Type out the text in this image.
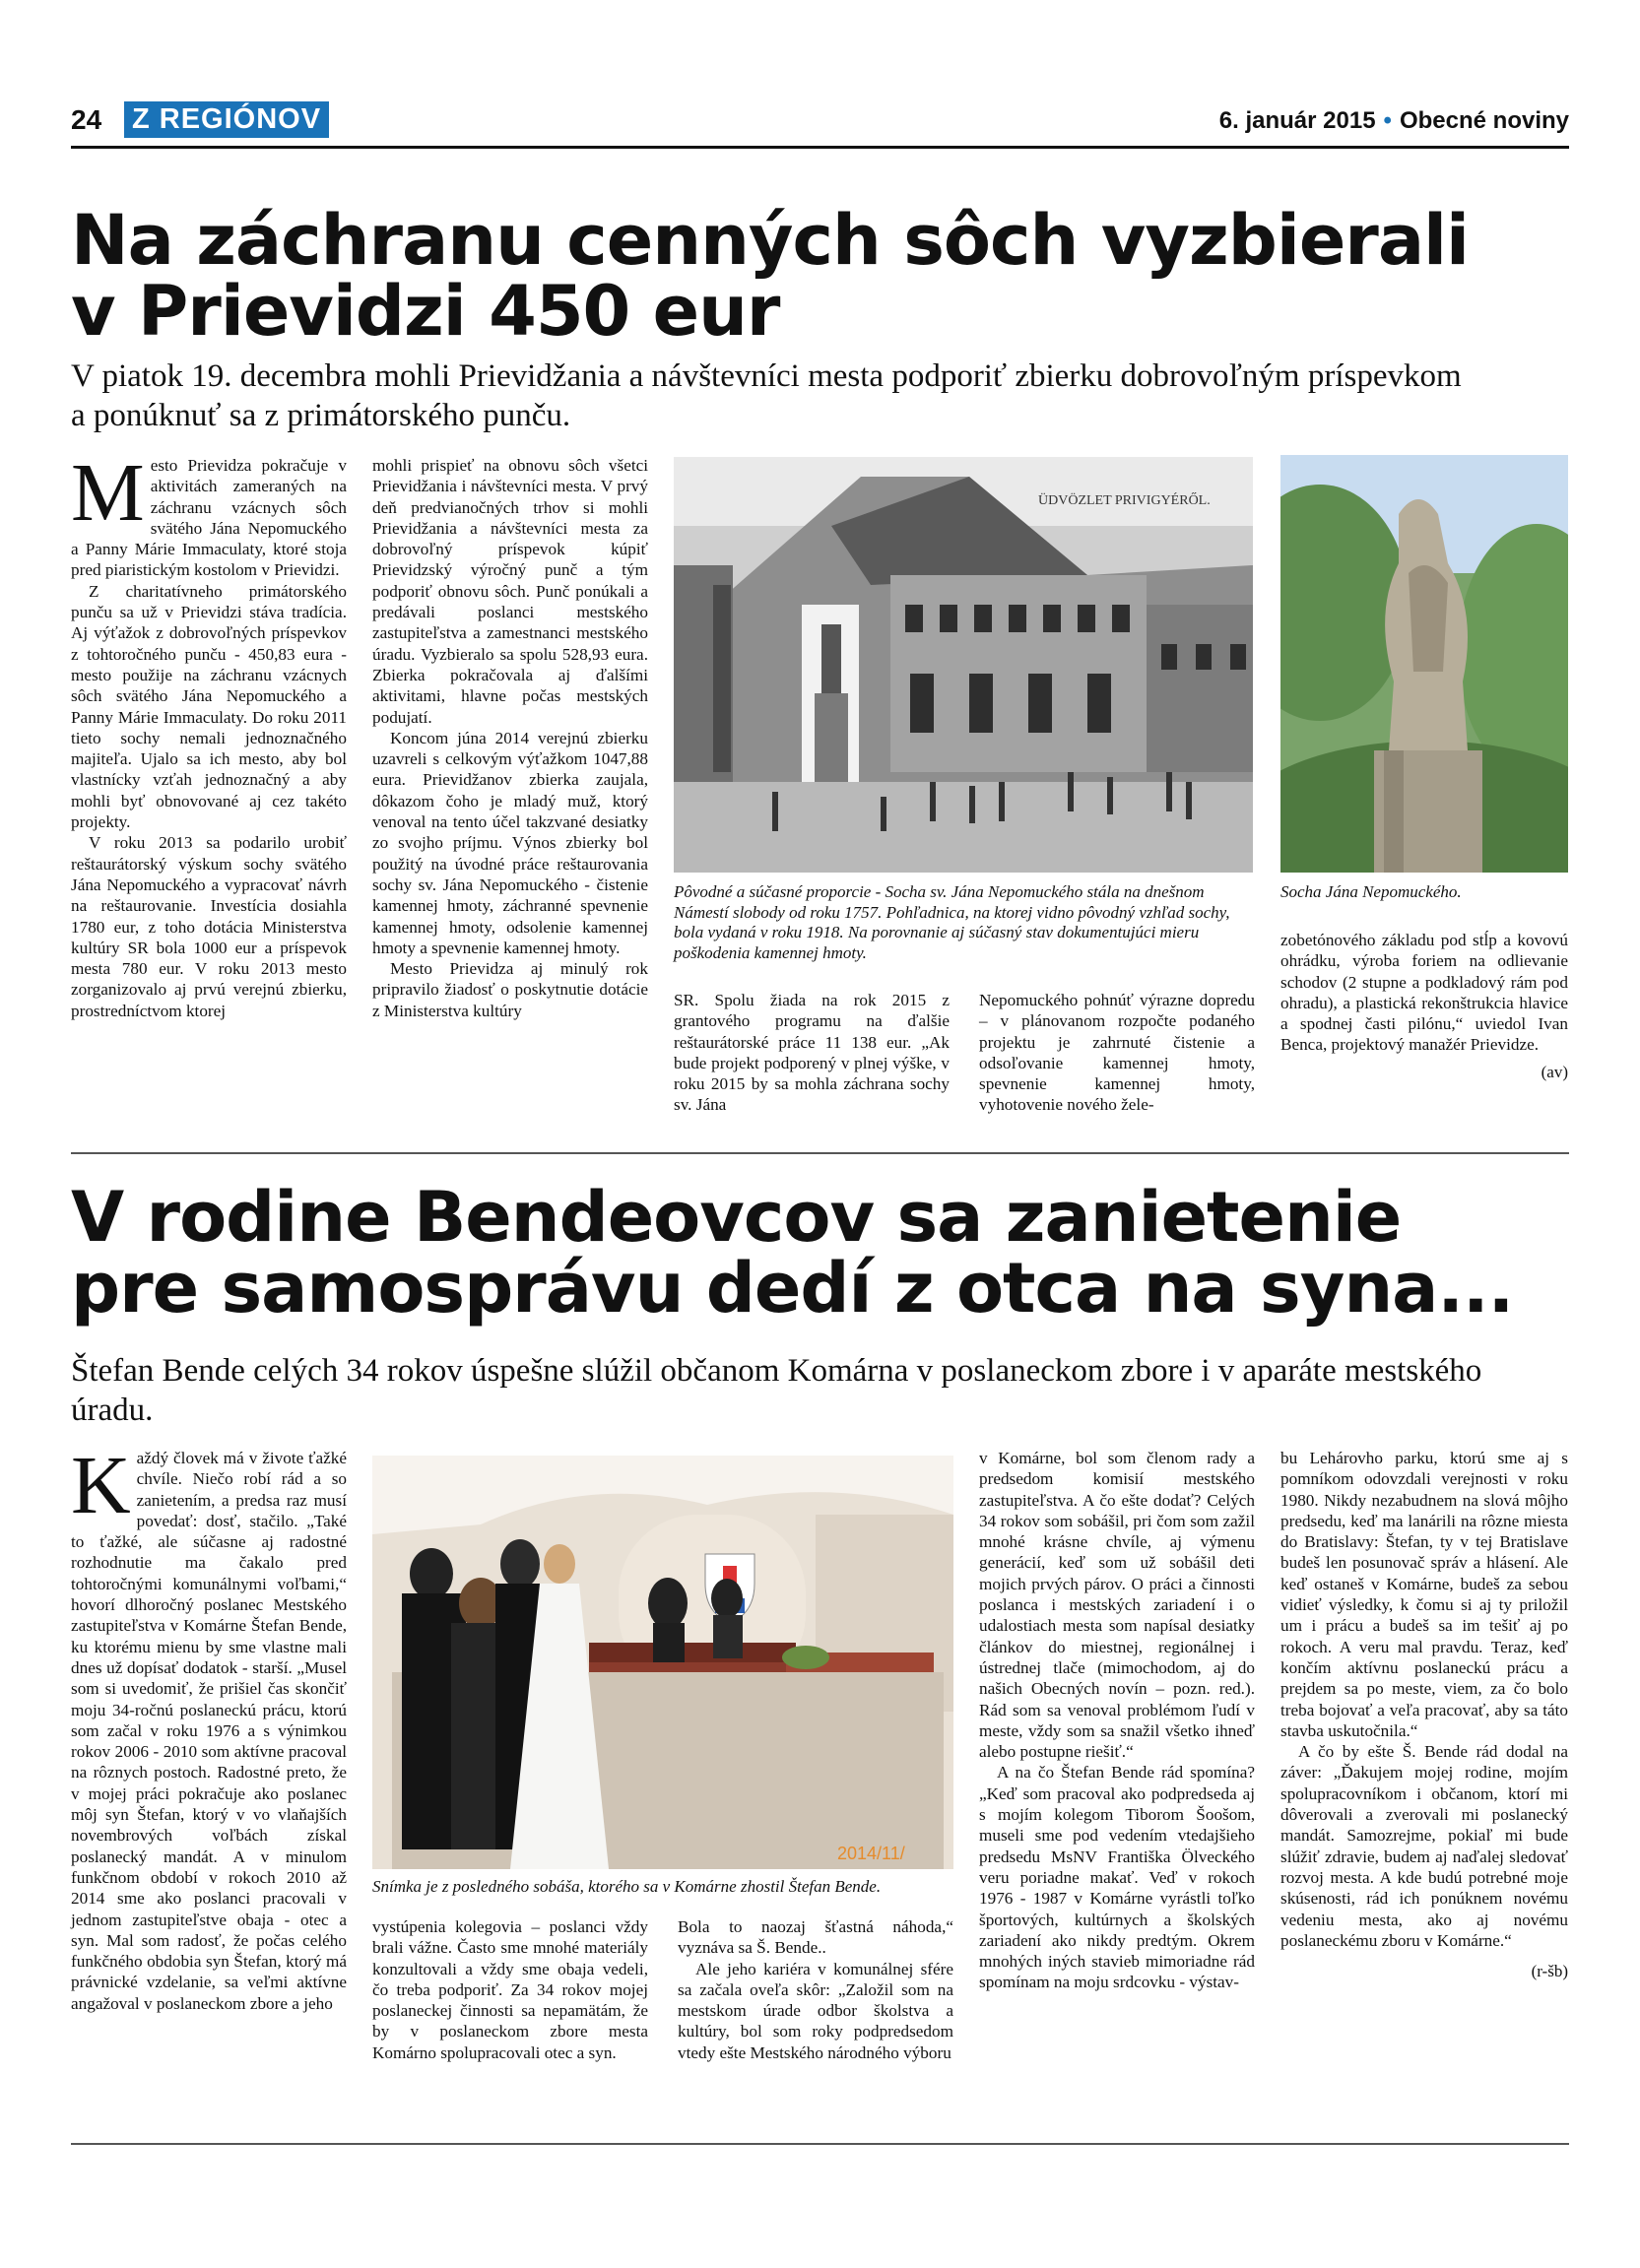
24 Z REGIÓNOV	6. január 2015 • Obecné noviny
Na záchranu cenných sôch vyzbierali
v Prievidzi 450 eur
V piatok 19. decembra mohli Prievidžania a návštevníci mesta podporiť zbierku dobrovoľným príspevkom
a ponúknuť sa z primátorského punču.

Mesto Prievidza pokračuje v aktivitách zameraných na záchranu vzácnych sôch svätého Jána Nepomuckého a Panny Márie Immaculaty, ktoré stoja pred piaristickým kostolom v Prievidzi.

Z charitatívneho primátorského punču sa už v Prievidzi stáva tradícia. Aj výťažok z dobrovoľných príspevkov z tohtoročného punču - 450,83 eura - mesto použije na záchranu vzácnych sôch svätého Jána Nepomuckého a Panny Márie Immaculaty. Do roku 2011 tieto sochy nemali jednoznačného majiteľa. Ujalo sa ich mesto, aby bol vlastnícky vzťah jednoznačný a aby mohli byť obnovované aj cez takéto projekty.

V roku 2013 sa podarilo urobiť reštaurátorský výskum sochy svätého Jána Nepomuckého a vypracovať návrh na reštaurovanie. Investícia dosiahla 1780 eur, z toho dotácia Ministerstva kultúry SR bola 1000 eur a príspevok mesta 780 eur. V roku 2013 mesto zorganizovalo aj prvú verejnú zbierku, prostredníctvom ktorej

mohli prispieť na obnovu sôch všetci Prievidžania i návštevníci mesta. V prvý deň predvianočných trhov si mohli Prievidžania a návštevníci mesta za dobrovoľný príspevok kúpiť Prievidzský výročný punč a tým podporiť obnovu sôch. Punč ponúkali a predávali poslanci mestského zastupiteľstva a zamestnanci mestského úradu. Vyzbieralo sa spolu 528,93 eura. Zbierka pokračovala aj ďalšími aktivitami, hlavne počas mestských podujatí.

Koncom júna 2014 verejnú zbierku uzavreli s celkovým výťažkom 1047,88 eura. Prievidžanov zbierka zaujala, dôkazom čoho je mladý muž, ktorý venoval na tento účel takzvané desiatky zo svojho príjmu. Výnos zbierky bol použitý na úvodné práce reštaurovania sochy sv. Jána Nepomuckého - čistenie kamennej hmoty, záchranné spevnenie kamennej hmoty, odsolenie kamennej hmoty a spevnenie kamennej hmoty.

Mesto Prievidza aj minulý rok pripravilo žiadosť o poskytnutie dotácie z Ministerstva kultúry

ÜDVÖZLET PRIVIGYÉRŐL.
Pôvodné a súčasné proporcie - Socha sv. Jána Nepomuckého stála na dnešnom Námestí slobody od roku 1757. Pohľadnica, na ktorej vidno pôvodný vzhľad sochy, bola vydaná v roku 1918. Na porovnanie aj súčasný stav dokumentujúci mieru poškodenia kamennej hmoty.
Socha Jána Nepomuckého.

SR. Spolu žiada na rok 2015 z grantového programu na ďalšie reštaurátorské práce 11 138 eur. „Ak bude projekt podporený v plnej výške, v roku 2015 by sa mohla záchrana sochy sv. Jána

Nepomuckého pohnúť výrazne dopredu – v plánovanom rozpočte podaného projektu je zahrnuté čistenie a odsoľovanie kamennej hmoty, spevnenie kamennej hmoty, vyhotovenie nového žele-

zobetónového základu pod stĺp a kovovú ohrádku, výroba foriem na odlievanie schodov (2 stupne a podkladový rám pod ohradu), a plastická rekonštrukcia hlavice a spodnej časti pilónu,“ uviedol Ivan Benca, projektový manažér Prievidze.

(av)
V rodine Bendeovcov sa zanietenie
pre samosprávu dedí z otca na syna...
Štefan Bende celých 34 rokov úspešne slúžil občanom Komárna v poslaneckom zbore i v aparáte mestského
úradu.

Každý človek má v živote ťažké chvíle. Niečo robí rád a so zanietením, a predsa raz musí povedať: dosť, stačilo. „Také to ťažké, ale súčasne aj radostné rozhodnutie ma čakalo pred tohtoročnými komunálnymi voľbami,“ hovorí dlhoročný poslanec Mestského zastupiteľstva v Komárne Štefan Bende, ku ktorému mienu by sme vlastne mali dnes už dopísať dodatok - starší. „Musel som si uvedomiť, že prišiel čas skončiť moju 34-ročnú poslaneckú prácu, ktorú som začal v roku 1976 a s výnimkou rokov 2006 - 2010 som aktívne pracoval na rôznych postoch. Radostné preto, že v mojej práci pokračuje ako poslanec môj syn Štefan, ktorý v vo vlaňajších novembrových voľbách získal poslanecký mandát. A v minulom funkčnom období v rokoch 2010 až 2014 sme ako poslanci pracovali v jednom zastupiteľstve obaja - otec a syn. Mal som radosť, že počas celého funkčného obdobia syn Štefan, ktorý má právnické vzdelanie, sa veľmi aktívne angažoval v poslaneckom zbore a jeho

2014/11/
Snímka je z posledného sobáša, ktorého sa v Komárne zhostil Štefan Bende.

vystúpenia kolegovia – poslanci vždy brali vážne. Často sme mnohé materiály konzultovali a vždy sme obaja vedeli, čo treba podporiť. Za 34 rokov mojej poslaneckej činnosti sa nepamätám, že by v poslaneckom zbore mesta Komárno spolupracovali otec a syn.

Bola to naozaj šťastná náhoda,“ vyznáva sa Š. Bende..

Ale jeho kariéra v komunálnej sfére sa začala oveľa skôr: „Založil som na mestskom úrade odbor školstva a kultúry, bol som roky podpredsedom vtedy ešte Mestského národného výboru

v Komárne, bol som členom rady a predsedom komisií mestského zastupiteľstva. A čo ešte dodať? Celých 34 rokov som sobášil, pri čom som zažil mnohé krásne chvíle, aj výmenu generácií, keď som už sobášil deti mojich prvých párov. O práci a činnosti poslanca i mestských zariadení i o udalostiach mesta som napísal desiatky článkov do miestnej, regionálnej i ústrednej tlače (mimochodom, aj do našich Obecných novín – pozn. red.). Rád som sa venoval problémom ľudí v meste, vždy som sa snažil všetko ihneď alebo postupne riešiť.“

A na čo Štefan Bende rád spomína? „Keď som pracoval ako podpredseda aj s mojím kolegom Tiborom Šoošom, museli sme pod vedením vtedajšieho predsedu MsNV Františka Ölveckého veru poriadne makať. Veď v rokoch 1976 - 1987 v Komárne vyrástli toľko športových, kultúrnych a školských zariadení ako nikdy predtým. Okrem mnohých iných stavieb mimoriadne rád spomínam na moju srdcovku - výstav-

bu Lehárovho parku, ktorú sme aj s pomníkom odovzdali verejnosti v roku 1980. Nikdy nezabudnem na slová môjho predsedu, keď ma lanárili na rôzne miesta do Bratislavy: Štefan, ty v tej Bratislave budeš len posunovač správ a hlásení. Ale keď ostaneš v Komárne, budeš za sebou vidieť výsledky, k čomu si aj ty priložil um i prácu a budeš sa im tešiť aj po rokoch. A veru mal pravdu. Teraz, keď končím aktívnu poslaneckú prácu a prejdem sa po meste, viem, za čo bolo treba bojovať a veľa pracovať, aby sa táto stavba uskutočnila.“

A čo by ešte Š. Bende rád dodal na záver: „Ďakujem mojej rodine, mojím spolupracovníkom i občanom, ktorí mi dôverovali a zverovali mi poslanecký mandát. Samozrejme, pokiaľ mi bude slúžiť zdravie, budem aj naďalej sledovať rozvoj mesta. A kde budú potrebné moje skúsenosti, rád ich ponúknem novému vedeniu mesta, ako aj novému poslaneckému zboru v Komárne.“

(r-šb)
